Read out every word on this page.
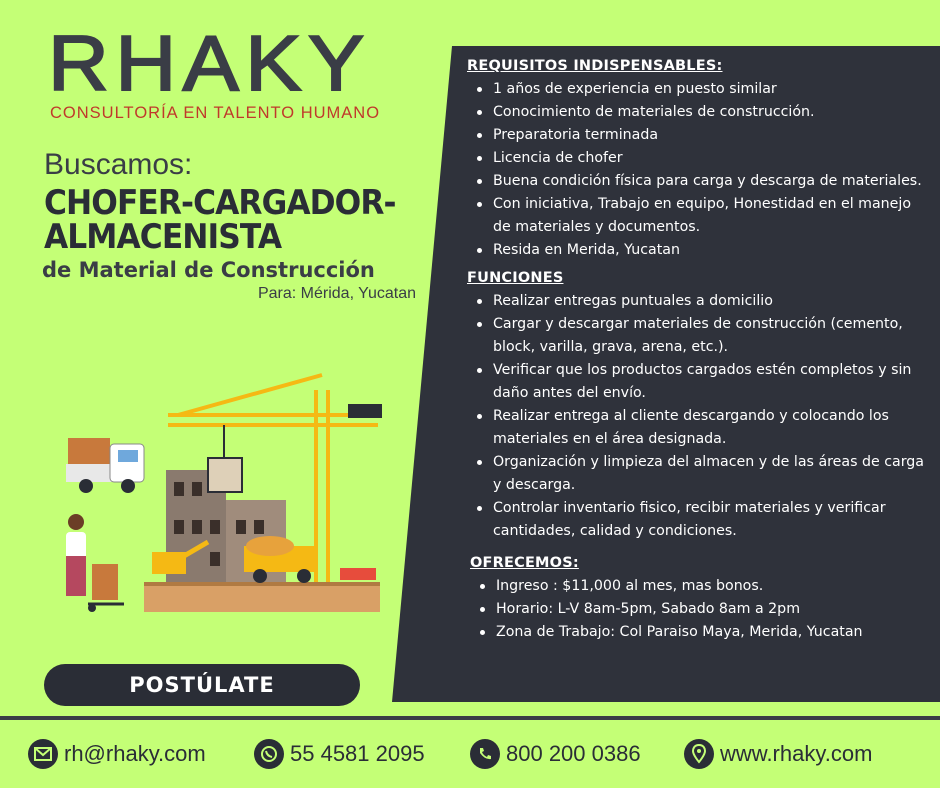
RHAKY
CONSULTORÍA EN TALENTO HUMANO
Buscamos:
CHOFER-CARGADOR-
ALMACENISTA
de Material de Construcción
Para: Mérida, Yucatan
REQUISITOS INDISPENSABLES:
1 años de experiencia en puesto similar
Conocimiento de materiales de construcción.
Preparatoria terminada
Licencia de chofer
Buena condición física para carga y descarga de materiales.
Con iniciativa, Trabajo en equipo, Honestidad en el manejo de materiales y documentos.
Resida en Merida, Yucatan
FUNCIONES
Realizar entregas puntuales a domicilio
Cargar y descargar materiales de construcción (cemento, block, varilla, grava, arena, etc.).
Verificar que los productos cargados estén completos y sin daño antes del envío.
Realizar entrega al cliente descargando y colocando los materiales en el área designada.
Organización y limpieza del almacen y de las áreas de carga y descarga.
Controlar inventario fisico, recibir materiales y verificar cantidades, calidad y condiciones.
OFRECEMOS:
Ingreso : $11,000 al mes, mas bonos.
Horario: L-V 8am-5pm, Sabado 8am a 2pm
Zona de Trabajo: Col Paraiso Maya, Merida, Yucatan
POSTÚLATE
rh@rhaky.com	55 4581 2095	800 200 0386	www.rhaky.com
